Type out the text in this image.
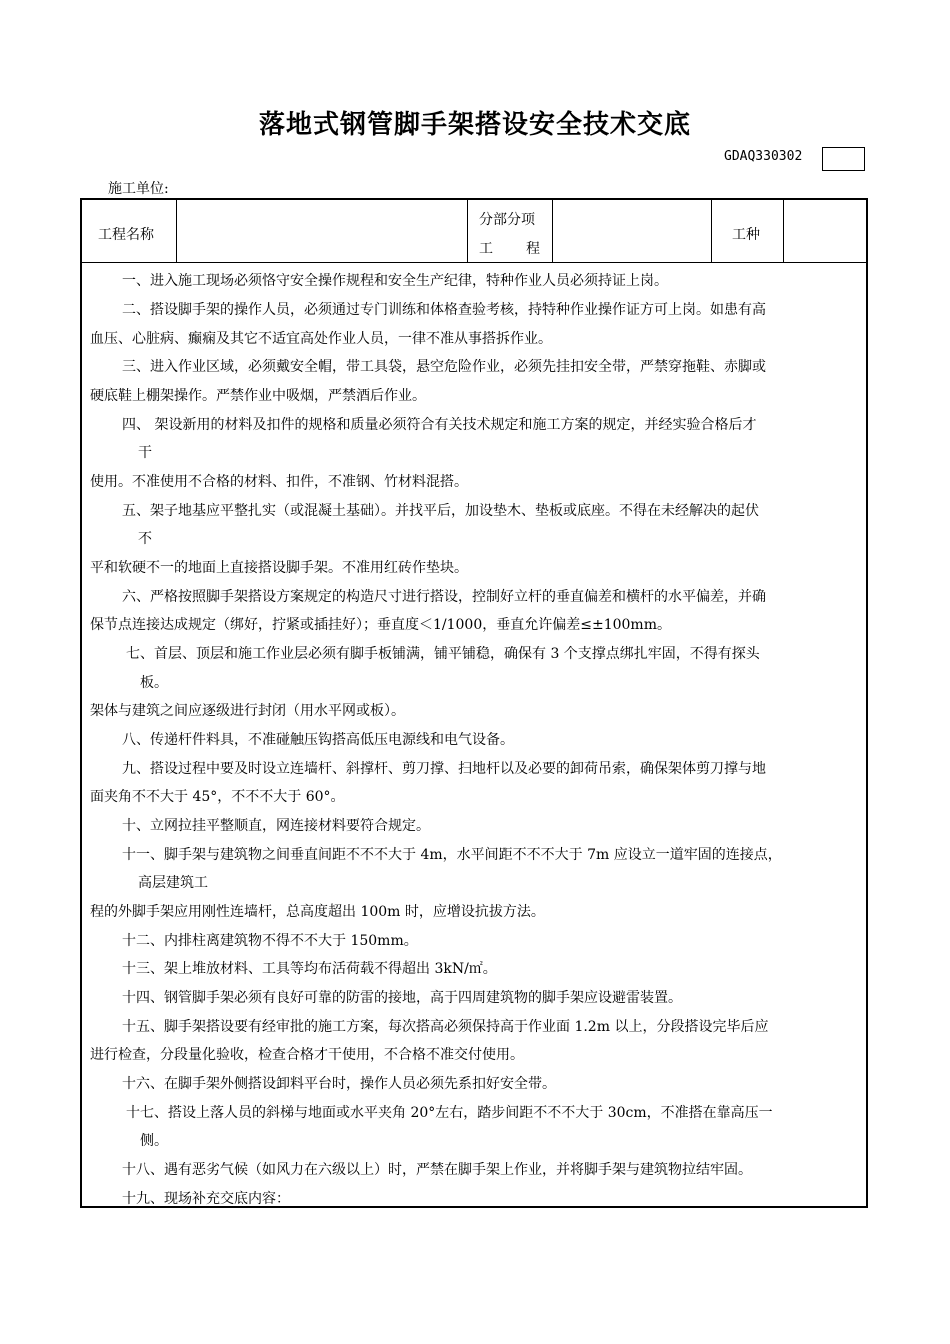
落地式钢管脚手架搭设安全技术交底
GDAQ330302
施工单位:
工程名称
分部分项
工 程
工种
一、进入施工现场必须恪守安全操作规程和安全生产纪律，特种作业人员必须持证上岗。
二、搭设脚手架的操作人员，必须通过专门训练和体格查验考核，持特种作业操作证方可上岗。如患有高
血压、心脏病、癫痫及其它不适宜高处作业人员，一律不准从事搭拆作业。
三、进入作业区域，必须戴安全帽，带工具袋，悬空危险作业，必须先挂扣安全带，严禁穿拖鞋、赤脚或
硬底鞋上棚架操作。严禁作业中吸烟，严禁酒后作业。
四、 架设新用的材料及扣件的规格和质量必须符合有关技术规定和施工方案的规定，并经实验合格后才
干
使用。不准使用不合格的材料、扣件，不准钢、竹材料混搭。
五、架子地基应平整扎实（或混凝土基础）。并找平后，加设垫木、垫板或底座。不得在未经解决的起伏
不
平和软硬不一的地面上直接搭设脚手架。不准用红砖作垫块。
六、严格按照脚手架搭设方案规定的构造尺寸进行搭设，控制好立杆的垂直偏差和横杆的水平偏差，并确
保节点连接达成规定（绑好，拧紧或插挂好）；垂直度＜1/1000，垂直允许偏差≤±100mm。
七、首层、顶层和施工作业层必须有脚手板铺满，铺平铺稳，确保有 3 个支撑点绑扎牢固，不得有探头
板。
架体与建筑之间应逐级进行封闭（用水平网或板）。
八、传递杆件料具，不准碰触压钩搭高低压电源线和电气设备。
九、搭设过程中要及时设立连墙杆、斜撑杆、剪刀撑、扫地杆以及必要的卸荷吊索，确保架体剪刀撑与地
面夹角不不大于 45°，不不不大于 60°。
十、立网拉挂平整顺直，网连接材料要符合规定。
十一、脚手架与建筑物之间垂直间距不不不大于 4m，水平间距不不不大于 7m 应设立一道牢固的连接点，
高层建筑工
程的外脚手架应用刚性连墙杆，总高度超出 100m 时，应增设抗拔方法。
十二、内排柱离建筑物不得不不大于 150mm。
十三、架上堆放材料、工具等均布活荷载不得超出 3kN/㎡。
十四、钢管脚手架必须有良好可靠的防雷的接地，高于四周建筑物的脚手架应设避雷装置。
十五、脚手架搭设要有经审批的施工方案，每次搭高必须保持高于作业面 1.2m 以上，分段搭设完毕后应
进行检查，分段量化验收，检查合格才干使用，不合格不准交付使用。
十六、在脚手架外侧搭设卸料平台时，操作人员必须先系扣好安全带。
十七、搭设上落人员的斜梯与地面或水平夹角 20°左右，踏步间距不不不大于 30cm，不准搭在靠高压一
侧。
十八、遇有恶劣气候（如风力在六级以上）时，严禁在脚手架上作业，并将脚手架与建筑物拉结牢固。
十九、现场补充交底内容：
